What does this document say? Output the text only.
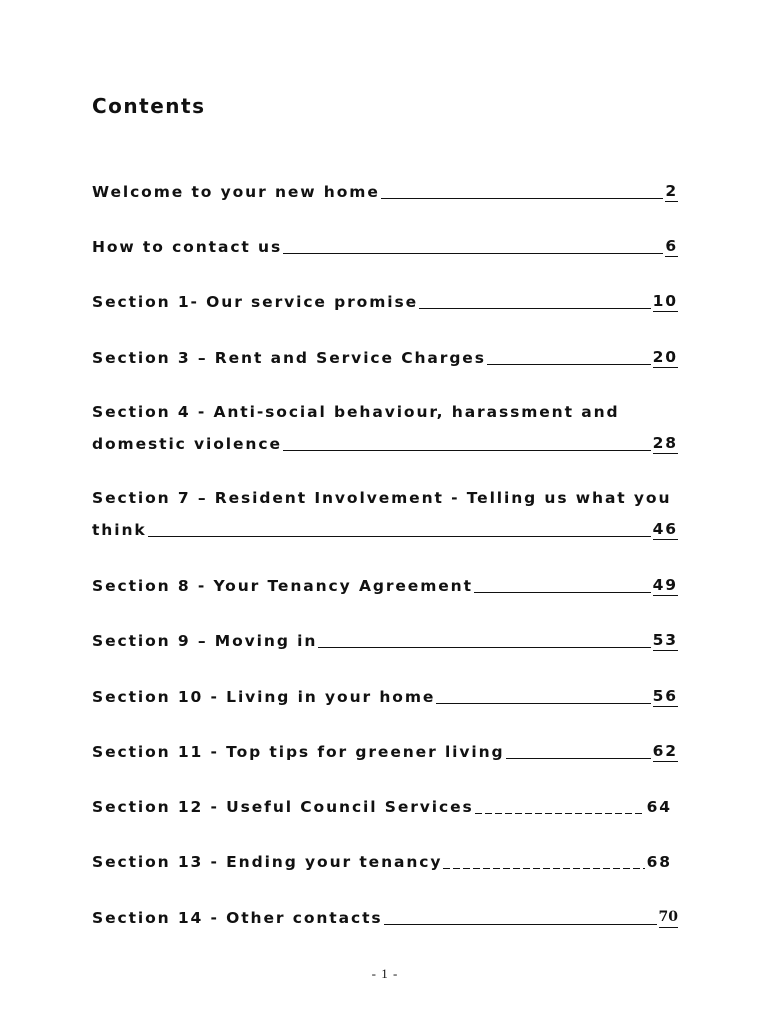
Contents
Welcome to your new home	2
How to contact us	6
Section 1- Our service promise	10
Section 3 – Rent and Service Charges	20
Section 4 - Anti-social behaviour, harassment and
domestic violence	28
Section 7 – Resident Involvement - Telling us what you
think	46
Section 8 - Your Tenancy Agreement	49
Section 9 – Moving in	53
Section 10 - Living in your home	56
Section 11 - Top tips for greener living	62
Section 12 - Useful Council Services	64
Section 13 - Ending your tenancy	68
Section 14 - Other contacts	70
- 1 -
